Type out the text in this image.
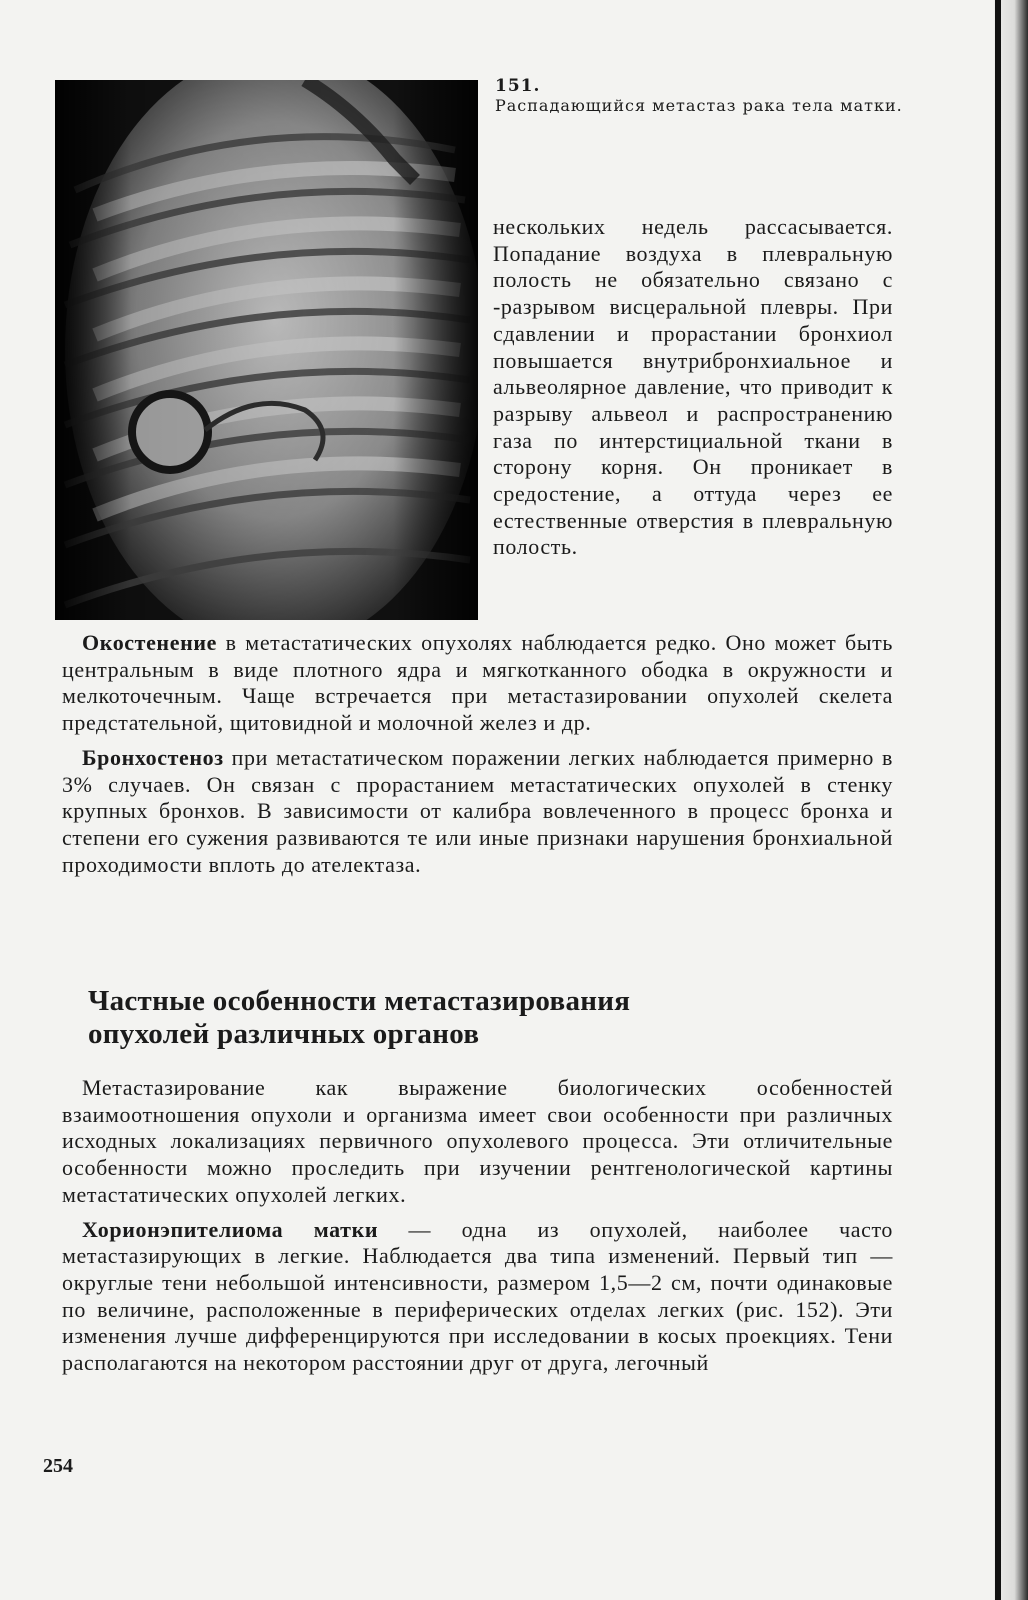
151.
Распадающийся метастаз рака тела матки.

нескольких недель рассасывается. Попадание воздуха в плевральную полость не обязательно связано с -разрывом висцеральной плевры. При сдавлении и прорастании бронхиол повышается внутрибронхиальное и альвеолярное давление, что приводит к разрыву альвеол и распространению газа по интерстициальной ткани в сторону корня. Он проникает в средостение, а оттуда через ее естественные отверстия в плевральную полость.

Окостенение в метастатических опухолях наблюдается редко. Оно может быть центральным в виде плотного ядра и мягкотканного ободка в окружности и мелкоточечным. Чаще встречается при метастазировании опухолей скелета предстательной, щитовидной и молочной желез и др.

Бронхостеноз при метастатическом поражении легких наблюдается примерно в 3% случаев. Он связан с прорастанием метастатических опухолей в стенку крупных бронхов. В зависимости от калибра вовлеченного в процесс бронха и степени его сужения развиваются те или иные признаки нарушения бронхиальной проходимости вплоть до ателектаза.

Частные особенности метастазирования
опухолей различных органов

Метастазирование как выражение биологических особенностей взаимоотношения опухоли и организма имеет свои особенности при различных исходных локализациях первичного опухолевого процесса. Эти отличительные особенности можно проследить при изучении рентгенологической картины метастатических опухолей легких.

Хорионэпителиома матки — одна из опухолей, наиболее часто метастазирующих в легкие. Наблюдается два типа изменений. Первый тип — округлые тени небольшой интенсивности, размером 1,5—2 см, почти одинаковые по величине, расположенные в периферических отделах легких (рис. 152). Эти изменения лучше дифференцируются при исследовании в косых проекциях. Тени располагаются на некотором расстоянии друг от друга, легочный

254
